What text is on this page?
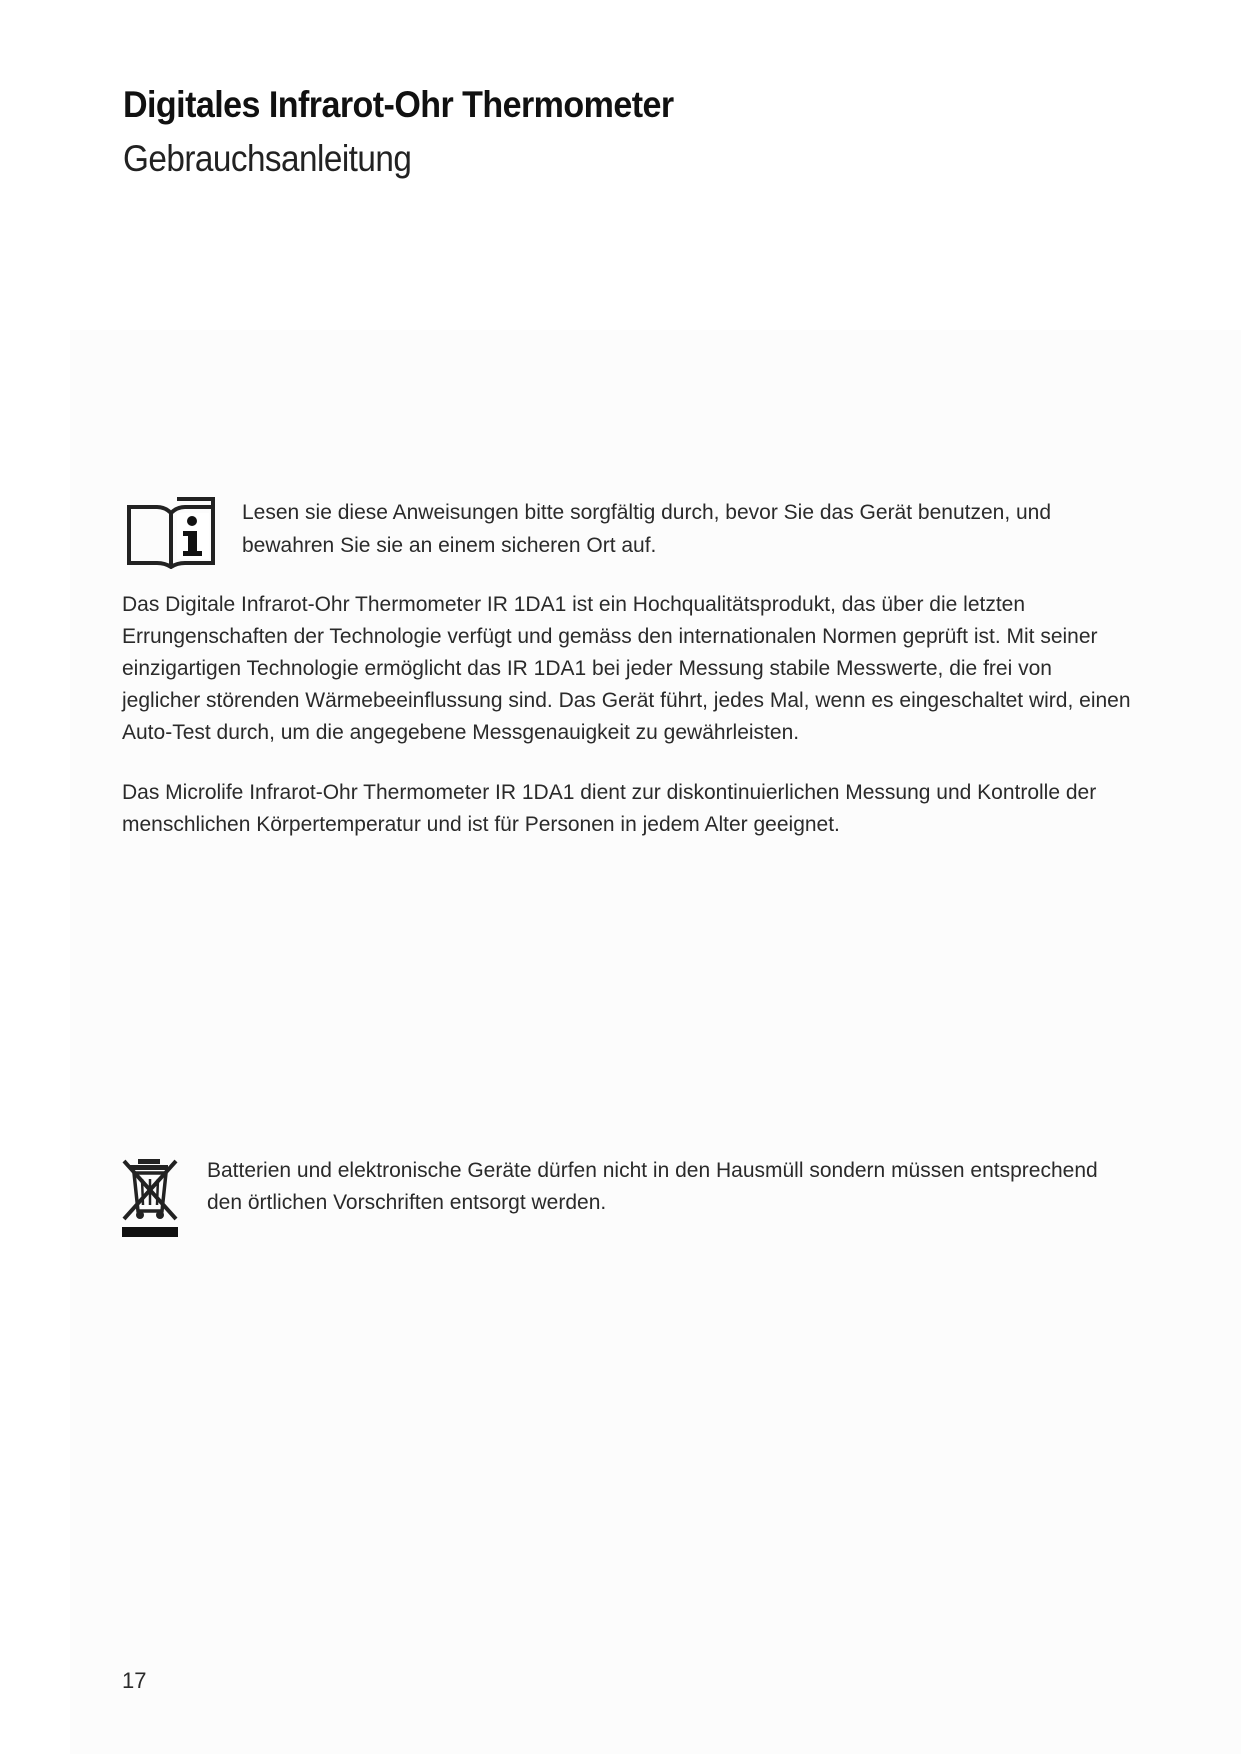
Digitales Infrarot-Ohr Thermometer
Gebrauchsanleitung

Lesen sie diese Anweisungen bitte sorgfältig durch, bevor Sie das Gerät benutzen, und bewahren Sie sie an einem sicheren Ort auf.

Das Digitale Infrarot-Ohr Thermometer IR 1DA1 ist ein Hochqualitätsprodukt, das über die letzten Errungenschaften der Technologie verfügt und gemäss den internationalen Normen geprüft ist. Mit seiner einzigartigen Technologie ermöglicht das IR 1DA1 bei jeder Messung stabile Messwerte, die frei von jeglicher störenden Wärmebeeinflussung sind. Das Gerät führt, jedes Mal, wenn es eingeschaltet wird, einen Auto-Test durch, um die angegebene Messgenauigkeit zu gewährleisten.

Das Microlife Infrarot-Ohr Thermometer IR 1DA1 dient zur diskontinuierlichen Messung und Kontrolle der menschlichen Körpertemperatur und ist für Personen in jedem Alter geeignet.

Batterien und elektronische Geräte dürfen nicht in den Hausmüll sondern müssen entsprechend den örtlichen Vorschriften entsorgt werden.

17
